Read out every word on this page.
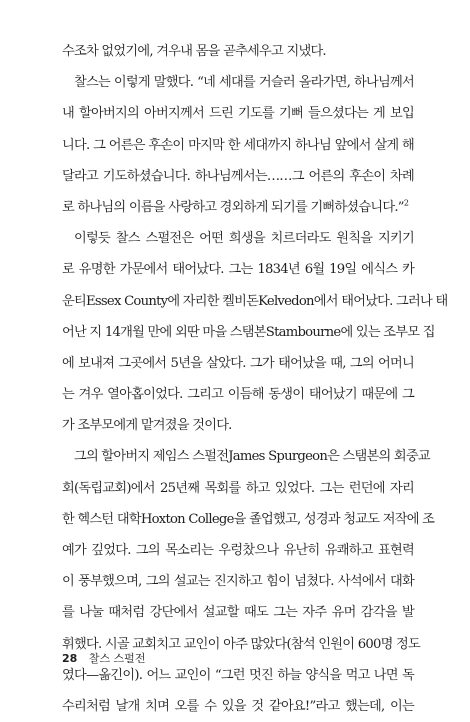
수조차 없었기에, 겨우내 몸을 곧추세우고 지냈다.
찰스는 이렇게 말했다. “네 세대를 거슬러 올라가면, 하나님께서
내 할아버지의 아버지께서 드린 기도를 기뻐 들으셨다는 게 보입
니다. 그 어른은 후손이 마지막 한 세대까지 하나님 앞에서 살게 해
달라고 기도하셨습니다. 하나님께서는……그 어른의 후손이 차례
로 하나님의 이름을 사랑하고 경외하게 되기를 기뻐하셨습니다.”$^2$
이렇듯 찰스 스펄전은 어떤 희생을 치르더라도 원칙을 지키기
로 유명한 가문에서 태어났다. 그는 1834년 6월 19일 에식스 카
운티Essex County에 자리한 켈비돈Kelvedon에서 태어났다. 그러나 태
어난 지 14개월 만에 외딴 마을 스탬본Stambourne에 있는 조부모 집
에 보내져 그곳에서 5년을 살았다. 그가 태어났을 때, 그의 어머니
는 겨우 열아홉이었다. 그리고 이듬해 동생이 태어났기 때문에 그
가 조부모에게 맡겨졌을 것이다.
그의 할아버지 제임스 스펄전James Spurgeon은 스탬본의 회중교
회(독립교회)에서 25년째 목회를 하고 있었다. 그는 런던에 자리
한 헥스턴 대학Hoxton College을 졸업했고, 성경과 청교도 저작에 조
예가 깊었다. 그의 목소리는 우렁찼으나 유난히 유쾌하고 표현력
이 풍부했으며, 그의 설교는 진지하고 힘이 넘쳤다. 사석에서 대화
를 나눌 때처럼 강단에서 설교할 때도 그는 자주 유머 감각을 발
휘했다. 시골 교회치고 교인이 아주 많았다(참석 인원이 600명 정도
였다—옮긴이). 어느 교인이 “그런 멋진 하늘 양식을 먹고 나면 독
수리처럼 날개 치며 오를 수 있을 것 같아요!”라고 했는데, 이는
28 찰스 스펄전
